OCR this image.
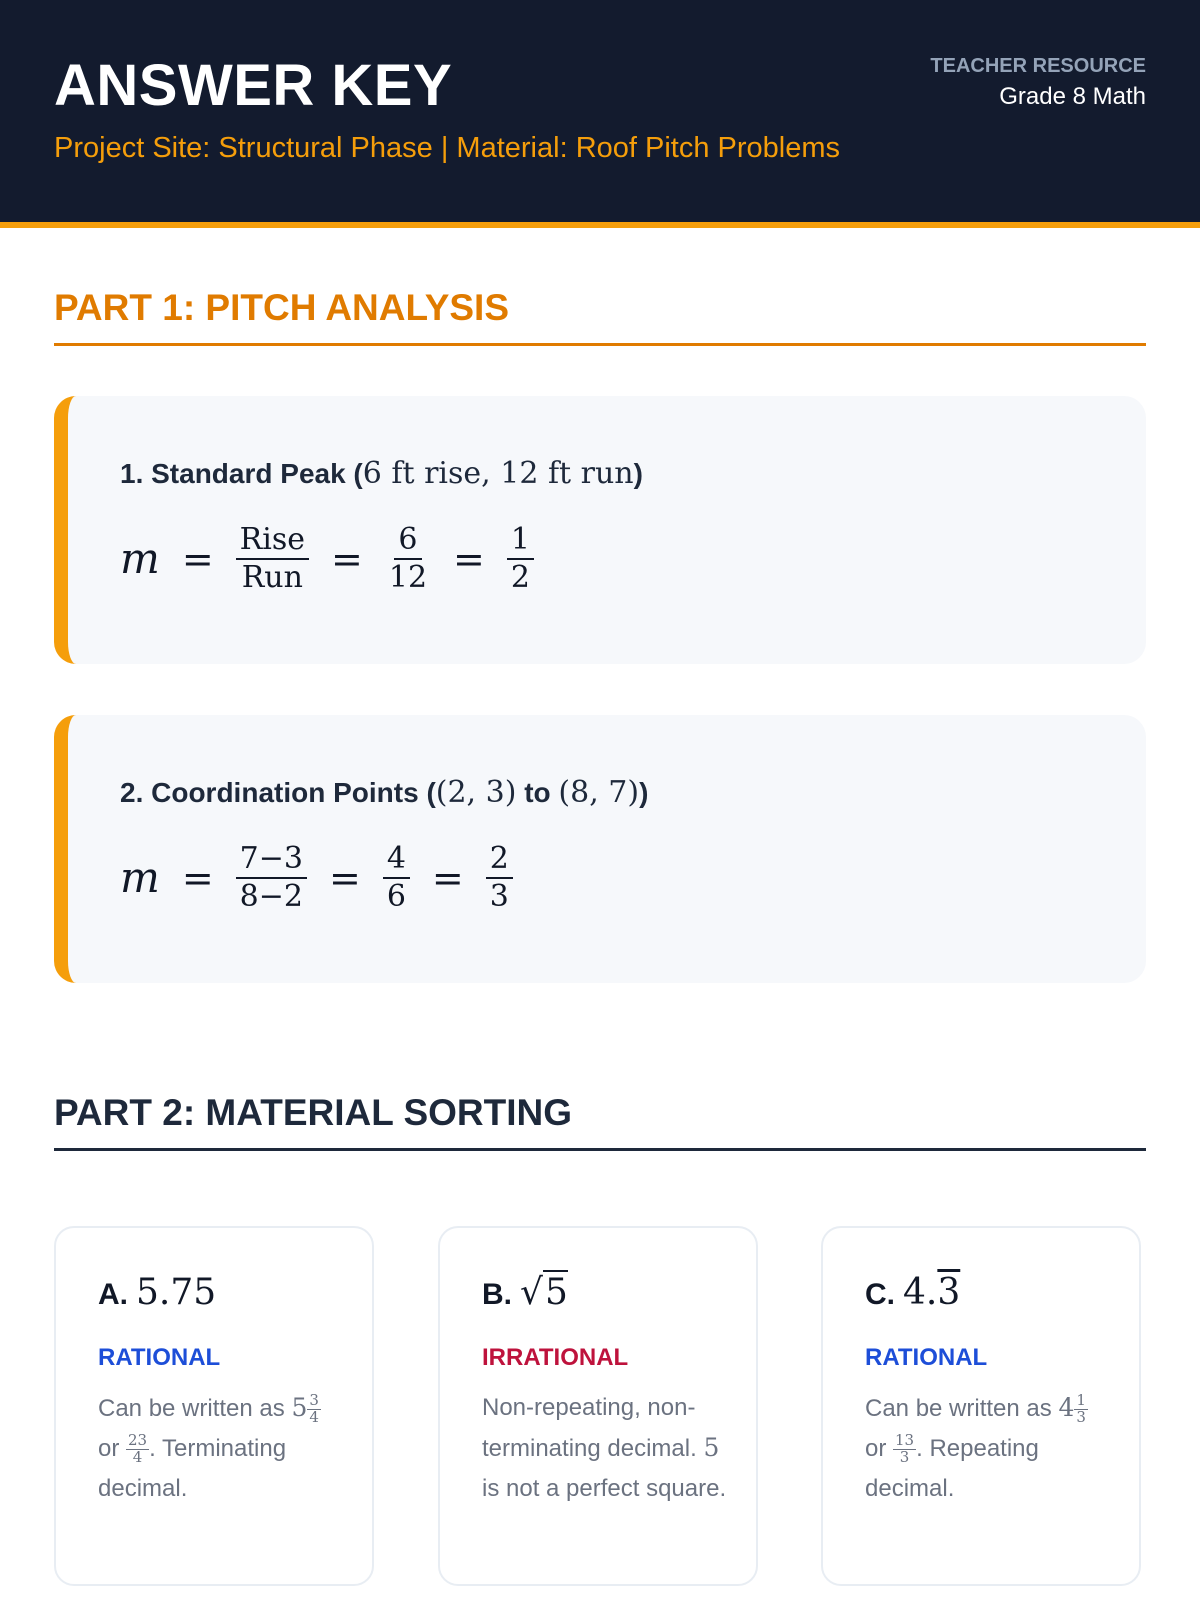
ANSWER KEY
Project Site: Structural Phase | Material: Roof Pitch Problems
TEACHER RESOURCE
Grade 8 Math
PART 1: PITCH ANALYSIS
1. Standard Peak (6 ft rise, 12 ft run)
$m = \frac{\text{Rise}}{\text{Run}} = \frac{6}{12} = \frac{1}{2}$
2. Coordination Points ((2, 3) to (8, 7))
$m = \frac{7-3}{8-2} = \frac{4}{6} = \frac{2}{3}$
PART 2: MATERIAL SORTING
A. 5.75
RATIONAL
Can be written as $5 \frac{3}{4}$
or $\frac{23}{4}$ . Terminating decimal.
B. √5
IRRATIONAL
Non-repeating, non-terminating decimal. 5 is not a perfect square.
C. 4.3
RATIONAL
Can be written as $4 \frac{1}{3}$
or $\frac{13}{3}$ . Repeating decimal.
